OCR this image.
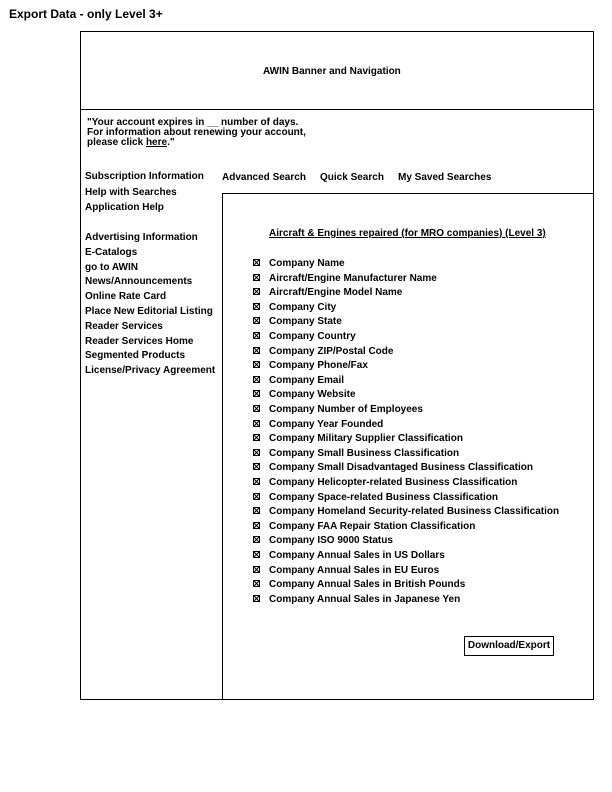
Export Data - only Level 3+
AWIN Banner and Navigation
"Your account expires in __ number of days.
For information about renewing your account,
please click here."
Subscription Information
Help with Searches
Application Help
Advertising Information
E-Catalogs
go to AWIN
News/Announcements
Online Rate Card
Place New Editorial Listing
Reader Services
Reader Services Home
Segmented Products
License/Privacy Agreement
Advanced Search Quick Search My Saved Searches
Aircraft & Engines repaired (for MRO companies) (Level 3)
Company Name
Aircraft/Engine Manufacturer Name
Aircraft/Engine Model Name
Company City
Company State
Company Country
Company ZIP/Postal Code
Company Phone/Fax
Company Email
Company Website
Company Number of Employees
Company Year Founded
Company Military Supplier Classification
Company Small Business Classification
Company Small Disadvantaged Business Classification
Company Helicopter-related Business Classification
Company Space-related Business Classification
Company Homeland Security-related Business Classification
Company FAA Repair Station Classification
Company ISO 9000 Status
Company Annual Sales in US Dollars
Company Annual Sales in EU Euros
Company Annual Sales in British Pounds
Company Annual Sales in Japanese Yen
Download/Export
